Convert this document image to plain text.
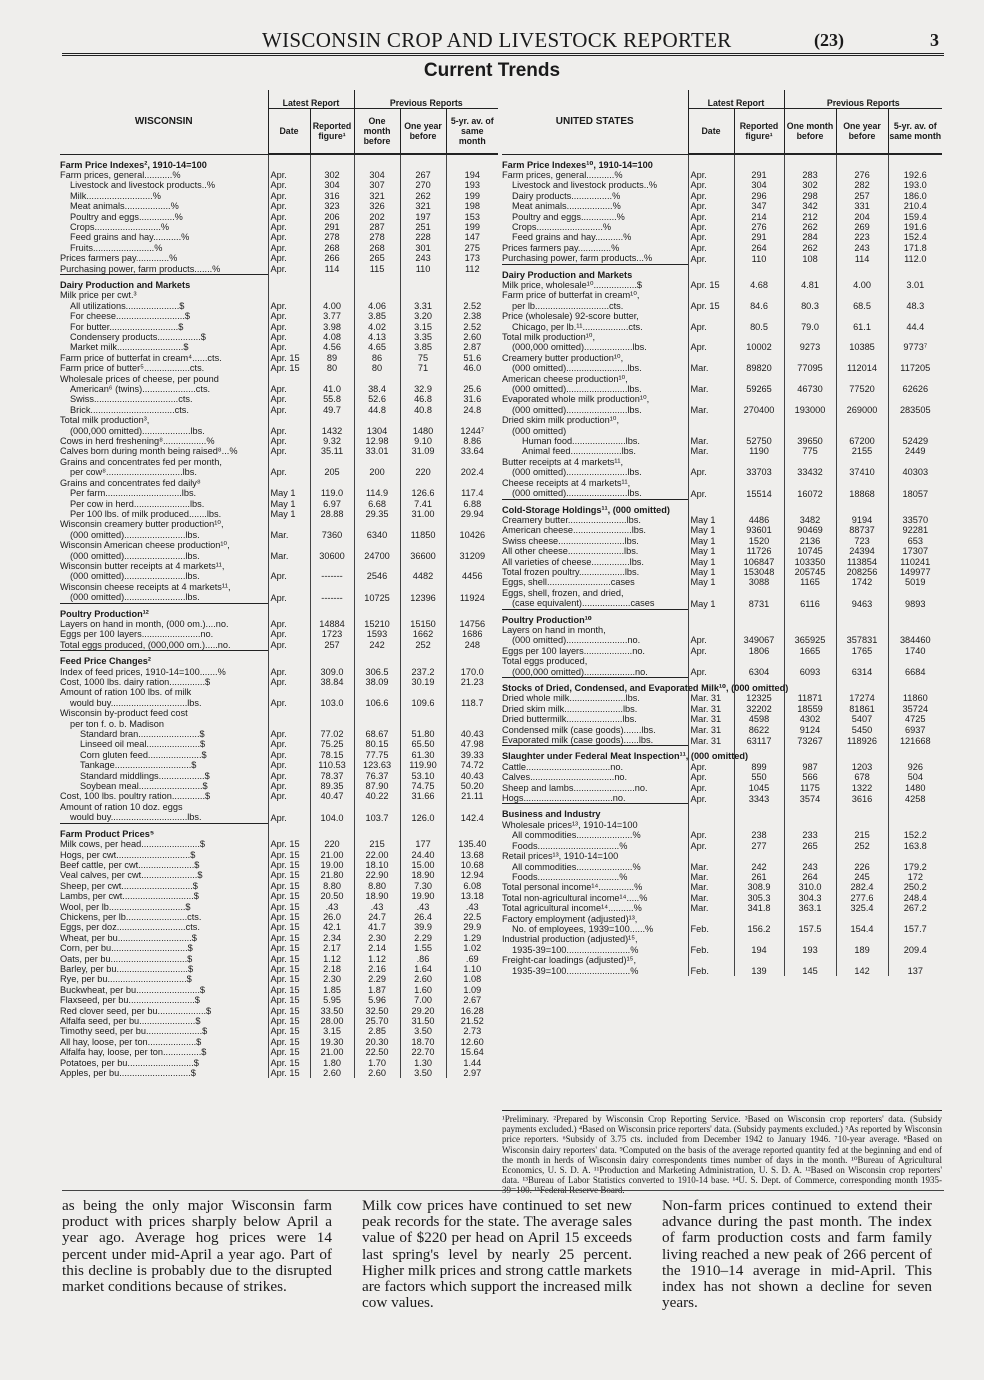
WISCONSIN CROP AND LIVESTOCK REPORTER	(23)	3
Current Trends
WISCONSIN	Latest Report		Previous Reports		
	Date	Reported figure¹	One month before	One year before	5-yr. av. of same month
Farm Price Indexes², 1910-14=100					
Farm prices, general...........%	Apr.	302	304	267	194
Livestock and livestock products..%	Apr.	304	307	270	193
Milk..........................%	Apr.	316	321	262	199
Meat animals..................%	Apr.	323	326	321	198
Poultry and eggs..............%	Apr.	206	202	197	153
Crops..........................%	Apr.	291	287	251	199
Feed grains and hay...........%	Apr.	278	278	228	147
Fruits........................%	Apr.	268	268	301	275
Prices farmers pay.............%	Apr.	266	265	243	173
Purchasing power, farm products.......%	Apr.	114	115	110	112
Dairy Production and Markets					
Milk price per cwt.³					
All utilizations.....................$	Apr.	4.00	4.06	3.31	2.52
For cheese...........................$	Apr.	3.77	3.85	3.20	2.38
For butter...........................$	Apr.	3.98	4.02	3.15	2.52
Condensery products.................$	Apr.	4.08	4.13	3.35	2.60
Market milk..........................$	Apr.	4.56	4.65	3.85	2.87
Farm price of butterfat in cream⁴......cts.	Apr. 15	89	86	75	51.6
Farm price of butter⁵..................cts.	Apr. 15	80	80	71	46.0
Wholesale prices of cheese, per pound					
American⁶ (twins).....................cts.	Apr.	41.0	38.4	32.9	25.6
Swiss.................................cts.	Apr.	55.8	52.6	46.8	31.6
Brick.................................cts.	Apr.	49.7	44.8	40.8	24.8
Total milk production³,					
(000,000 omitted)...................lbs.	Apr.	1432	1304	1480	1244⁷
Cows in herd freshening⁸.................%	Apr.	9.32	12.98	9.10	8.86
Calves born during month being raised⁸...%	Apr.	35.11	33.01	31.09	33.64
Grains and concentrates fed per month,					
per cow⁸..............................lbs.	Apr.	205	200	220	202.4
Grains and concentrates fed daily⁸					
Per farm..............................lbs.	May 1	119.0	114.9	126.6	117.4
Per cow in herd......................lbs.	May 1	6.97	6.68	7.41	6.88
Per 100 lbs. of milk produced.......lbs.	May 1	28.88	29.35	31.00	29.94
Wisconsin creamery butter production¹⁰,					
(000 omitted)........................lbs.	Mar.	7360	6340	11850	10426
Wisconsin American cheese production¹⁰,					
(000 omitted)........................lbs.	Mar.	30600	24700	36600	31209
Wisconsin butter receipts at 4 markets¹¹,					
(000 omitted)........................lbs.	Apr.	-------	2546	4482	4456
Wisconsin cheese receipts at 4 markets¹¹,					
(000 omitted)........................lbs.	Apr.	-------	10725	12396	11924
Poultry Production¹²					
Layers on hand in month, (000 om.)....no.	Apr.	14884	15210	15150	14756
Eggs per 100 layers.......................no.	Apr.	1723	1593	1662	1686
Total eggs produced, (000,000 om.).....no.	Apr.	257	242	252	248
Feed Price Changes²					
Index of feed prices, 1910-14=100.......%	Apr.	309.0	306.5	237.2	170.0
Cost, 1000 lbs. dairy ration..............$	Apr.	38.84	38.09	30.19	21.23
Amount of ration 100 lbs. of milk					
would buy..............................lbs.	Apr.	103.0	106.6	109.6	118.7
Wisconsin by-product feed cost					
per ton f. o. b. Madison					
Standard bran........................$	Apr.	77.02	68.67	51.80	40.43
Linseed oil meal.....................$	Apr.	75.25	80.15	65.50	47.98
Corn gluten feed.....................$	Apr.	78.15	77.75	61.30	39.33
Tankage..............................$	Apr.	110.53	123.63	119.90	74.72
Standard middlings..................$	Apr.	78.37	76.37	53.10	40.43
Soybean meal.........................$	Apr.	89.35	87.90	74.75	50.20
Cost, 100 lbs. poultry ration.............$	Apr.	40.47	40.22	31.66	21.11
Amount of ration 10 doz. eggs					
would buy..............................lbs.	Apr.	104.0	103.7	126.0	142.4
Farm Product Prices⁵					
Milk cows, per head.......................$	Apr. 15	220	215	177	135.40
Hogs, per cwt.............................$	Apr. 15	21.00	22.00	24.40	13.68
Beef cattle, per cwt......................$	Apr. 15	19.00	18.10	15.00	10.68
Veal calves, per cwt......................$	Apr. 15	21.80	22.90	18.90	12.94
Sheep, per cwt............................$	Apr. 15	8.80	8.80	7.30	6.08
Lambs, per cwt............................$	Apr. 15	20.50	18.90	19.90	13.18
Wool, per lb..............................$	Apr. 15	.43	.43	.43	.43
Chickens, per lb........................cts.	Apr. 15	26.0	24.7	26.4	22.5
Eggs, per doz...........................cts.	Apr. 15	42.1	41.7	39.9	29.9
Wheat, per bu.............................$	Apr. 15	2.34	2.30	2.29	1.29
Corn, per bu..............................$	Apr. 15	2.17	2.14	1.55	1.02
Oats, per bu..............................$	Apr. 15	1.12	1.12	.86	.69
Barley, per bu............................$	Apr. 15	2.18	2.16	1.64	1.10
Rye, per bu...............................$	Apr. 15	2.30	2.29	2.60	1.08
Buckwheat, per bu.........................$	Apr. 15	1.85	1.87	1.60	1.09
Flaxseed, per bu..........................$	Apr. 15	5.95	5.96	7.00	2.67
Red clover seed, per bu...................$	Apr. 15	33.50	32.50	29.20	16.28
Alfalfa seed, per bu......................$	Apr. 15	28.00	25.70	31.50	21.52
Timothy seed, per bu......................$	Apr. 15	3.15	2.85	3.50	2.73
All hay, loose, per ton...................$	Apr. 15	19.30	20.30	18.70	12.60
Alfalfa hay, loose, per ton...............$	Apr. 15	21.00	22.50	22.70	15.64
Potatoes, per bu..........................$	Apr. 15	1.80	1.70	1.30	1.44
Apples, per bu............................$	Apr. 15	2.60	2.60	3.50	2.97
UNITED STATES	Latest Report		Previous Reports		
	Date	Reported figure¹	One month before	One year before	5-yr. av. of same month
Farm Price Indexes¹⁰, 1910-14=100					
Farm prices, general...........%	Apr.	291	283	276	192.6
Livestock and livestock products..%	Apr.	304	302	282	193.0
Dairy products................%	Apr.	296	298	257	186.0
Meat animals..................%	Apr.	347	342	331	210.4
Poultry and eggs..............%	Apr.	214	212	204	159.4
Crops..........................%	Apr.	276	262	269	191.6
Feed grains and hay...........%	Apr.	291	284	223	152.4
Prices farmers pay.............%	Apr.	264	262	243	171.8
Purchasing power, farm products...%	Apr.	110	108	114	112.0
Dairy Production and Markets					
Milk price, wholesale¹⁰.................$	Apr. 15	4.68	4.81	4.00	3.01
Farm price of butterfat in cream¹⁰,					
per lb.............................cts.	Apr. 15	84.6	80.3	68.5	48.3
Price (wholesale) 92-score butter,					
Chicago, per lb.¹¹..................cts.	Apr.	80.5	79.0	61.1	44.4
Total milk production¹⁰,					
(000,000 omitted)...................lbs.	Apr.	10002	9273	10385	9773⁷
Creamery butter production¹⁰,					
(000 omitted)........................lbs.	Mar.	89820	77095	112014	117205
American cheese production¹⁰,					
(000 omitted)........................lbs.	Mar.	59265	46730	77520	62626
Evaporated whole milk production¹⁰,					
(000 omitted)........................lbs.	Mar.	270400	193000	269000	283505
Dried skim milk production¹⁰,					
(000 omitted)					
Human food.....................lbs.	Mar.	52750	39650	67200	52429
Animal feed....................lbs.	Mar.	1190	775	2155	2449
Butter receipts at 4 markets¹¹,					
(000 omitted)........................lbs.	Apr.	33703	33432	37410	40303
Cheese receipts at 4 markets¹¹,					
(000 omitted)........................lbs.	Apr.	15514	16072	18868	18057
Cold-Storage Holdings¹¹, (000 omitted)					
Creamery butter.......................lbs.	May 1	4486	3482	9194	33570
American cheese.......................lbs.	May 1	93601	90469	88737	92281
Swiss cheese..........................lbs.	May 1	1520	2136	723	653
All other cheese......................lbs.	May 1	11726	10745	24394	17307
All varieties of cheese...............lbs.	May 1	106847	103350	113854	110241
Total frozen poultry..................lbs.	May 1	153048	205745	208256	149977
Eggs, shell.........................cases	May 1	3088	1165	1742	5019
Eggs, shell, frozen, and dried,					
(case equivalent)...................cases	May 1	8731	6116	9463	9893
Poultry Production¹⁰					
Layers on hand in month,					
(000 omitted)........................no.	Apr.	349067	365925	357831	384460
Eggs per 100 layers...................no.	Apr.	1806	1665	1765	1740
Total eggs produced,					
(000,000 omitted)....................no.	Apr.	6304	6093	6314	6684
Stocks of Dried, Condensed, and Evaporated Milk¹⁰, (000 omitted)					
Dried whole milk......................lbs.	Mar. 31	12325	11871	17274	11860
Dried skim milk.......................lbs.	Mar. 31	32202	18559	81861	35724
Dried buttermilk......................lbs.	Mar. 31	4598	4302	5407	4725
Condensed milk (case goods).......lbs.	Mar. 31	8622	9124	5450	6937
Evaporated milk (case goods)......lbs.	Mar. 31	63117	73267	118926	121668
Slaughter under Federal Meat Inspection¹¹, (000 omitted)					
Cattle.................................no.	Apr.	899	987	1203	926
Calves.................................no.	Apr.	550	566	678	504
Sheep and lambs........................no.	Apr.	1045	1175	1322	1480
Hogs...................................no.	Apr.	3343	3574	3616	4258
Business and Industry					
Wholesale prices¹³, 1910-14=100					
All commodities......................%	Apr.	238	233	215	152.2
Foods................................%	Apr.	277	265	252	163.8
Retail prices¹³, 1910-14=100					
All commodities......................%	Mar.	242	243	226	179.2
Foods................................%	Mar.	261	264	245	172
Total personal income¹⁴..............%	Mar.	308.9	310.0	282.4	250.2
Total non-agricultural income¹⁴.....%	Mar.	305.3	304.3	277.6	248.4
Total agricultural income¹⁴..........%	Mar.	341.8	363.1	325.4	267.2
Factory employment (adjusted)¹³,					
No. of employees, 1939=100......%	Feb.	156.2	157.5	154.4	157.7
Industrial production (adjusted)¹⁵,					
1935-39=100.........................%	Feb.	194	193	189	209.4
Freight-car loadings (adjusted)¹⁵,					
1935-39=100.........................%	Feb.	139	145	142	137
¹Preliminary. ²Prepared by Wisconsin Crop Reporting Service. ³Based on Wisconsin crop reporters' data. (Subsidy payments excluded.) ⁴Based on Wisconsin price reporters' data. (Subsidy payments excluded.) ⁵As reported by Wisconsin price reporters. ⁶Subsidy of 3.75 cts. included from December 1942 to January 1946. ⁷10-year average. ⁸Based on Wisconsin dairy reporters' data. ⁹Computed on the basis of the average reported quantity fed at the beginning and end of the month in herds of Wisconsin dairy correspondents times number of days in the month. ¹⁰Bureau of Agricultural Economics, U. S. D. A. ¹¹Production and Marketing Administration, U. S. D. A. ¹²Based on Wisconsin crop reporters' data. ¹³Bureau of Labor Statistics converted to 1910-14 base. ¹⁴U. S. Dept. of Commerce, corresponding month 1935-39=100. ¹⁵Federal Reserve Board.
as being the only major Wisconsin farm product with prices sharply below April a year ago. Average hog prices were 14 percent under mid-April a year ago. Part of this decline is probably due to the disrupted market conditions because of strikes.
Milk cow prices have continued to set new peak records for the state. The average sales value of $220 per head on April 15 exceeds last spring's level by nearly 25 percent. Higher milk prices and strong cattle markets are factors which support the increased milk cow values.
Non-farm prices continued to extend their advance during the past month. The index of farm production costs and farm family living reached a new peak of 266 percent of the 1910–14 average in mid-April. This index has not shown a decline for seven years.
